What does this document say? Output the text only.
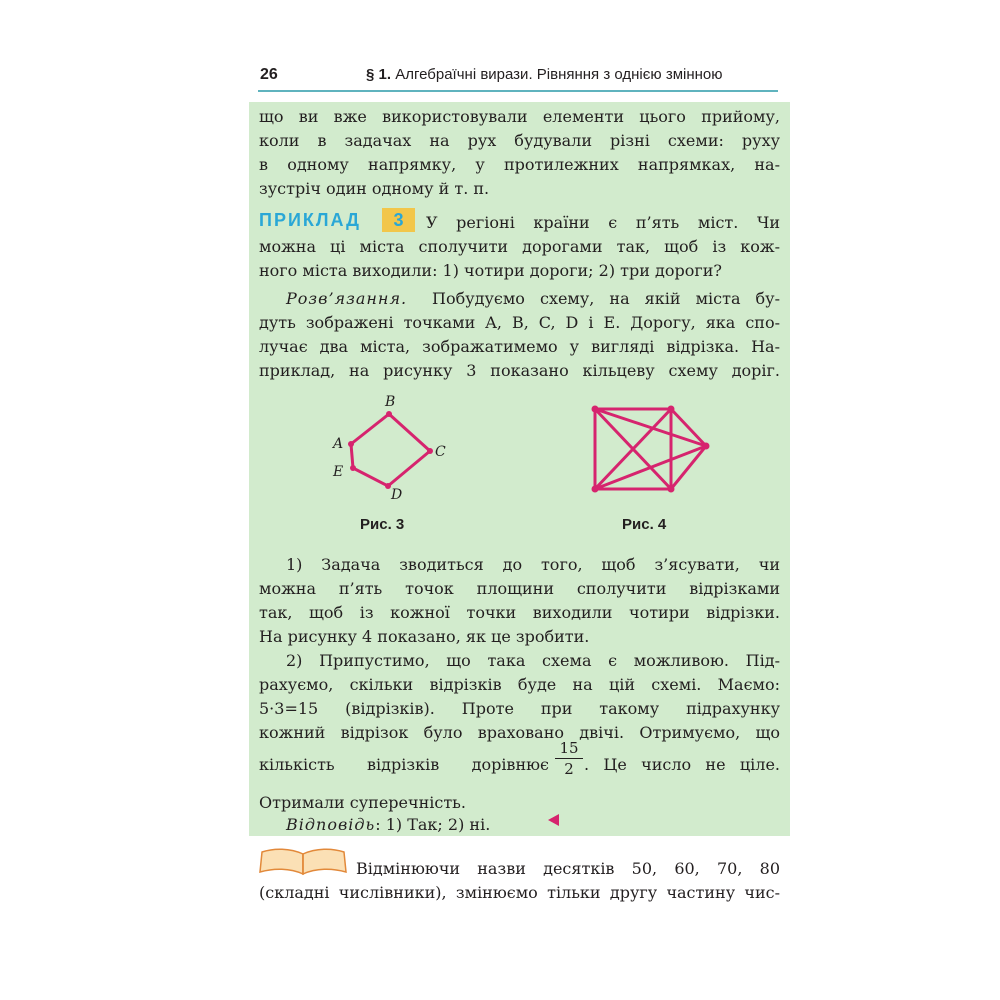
26	§ 1. Алгебраїчні вирази. Рівняння з однією змінною
що ви вже використовували елементи цього прийому,
коли в задачах на рух будували різні схеми: руху
в одному напрямку, у протилежних напрямках, на-
зустріч один одному й т. п.
ПРИКЛАД	3	У регіоні країни є п’ять міст. Чи
можна ці міста сполучити дорогами так, щоб із кож-
ного міста виходили: 1) чотири дороги; 2) три дороги?
Розв’язання.	Побудуємо схему, на якій міста бу-
дуть зображені точками A, B, C, D і E. Дорогу, яка спо-
лучає два міста, зображатимемо у вигляді відрізка. На-
приклад, на рисунку 3 показано кільцеву схему доріг.
A
B
C
D
E
Рис. 3	Рис. 4
1) Задача зводиться до того, щоб з’ясувати, чи
можна п’ять точок площини сполучити відрізками
так, щоб із кожної точки виходили чотири відрізки.
На рисунку 4 показано, як це зробити.
2) Припустимо, що така схема є можливою. Під-
рахуємо, скільки відрізків буде на цій схемі. Маємо:
5·3=15 (відрізків). Проте при такому підрахунку
кожний відрізок було враховано двічі. Отримуємо, що
кількість відрізків дорівнює $\frac{15}{2}$ . Це число не ціле.
Отримали суперечність.
Відповідь: 1) Так; 2) ні.
Відмінюючи назви десятків 50, 60, 70, 80
(складні числівники), змінюємо тільки другу частину чис-
